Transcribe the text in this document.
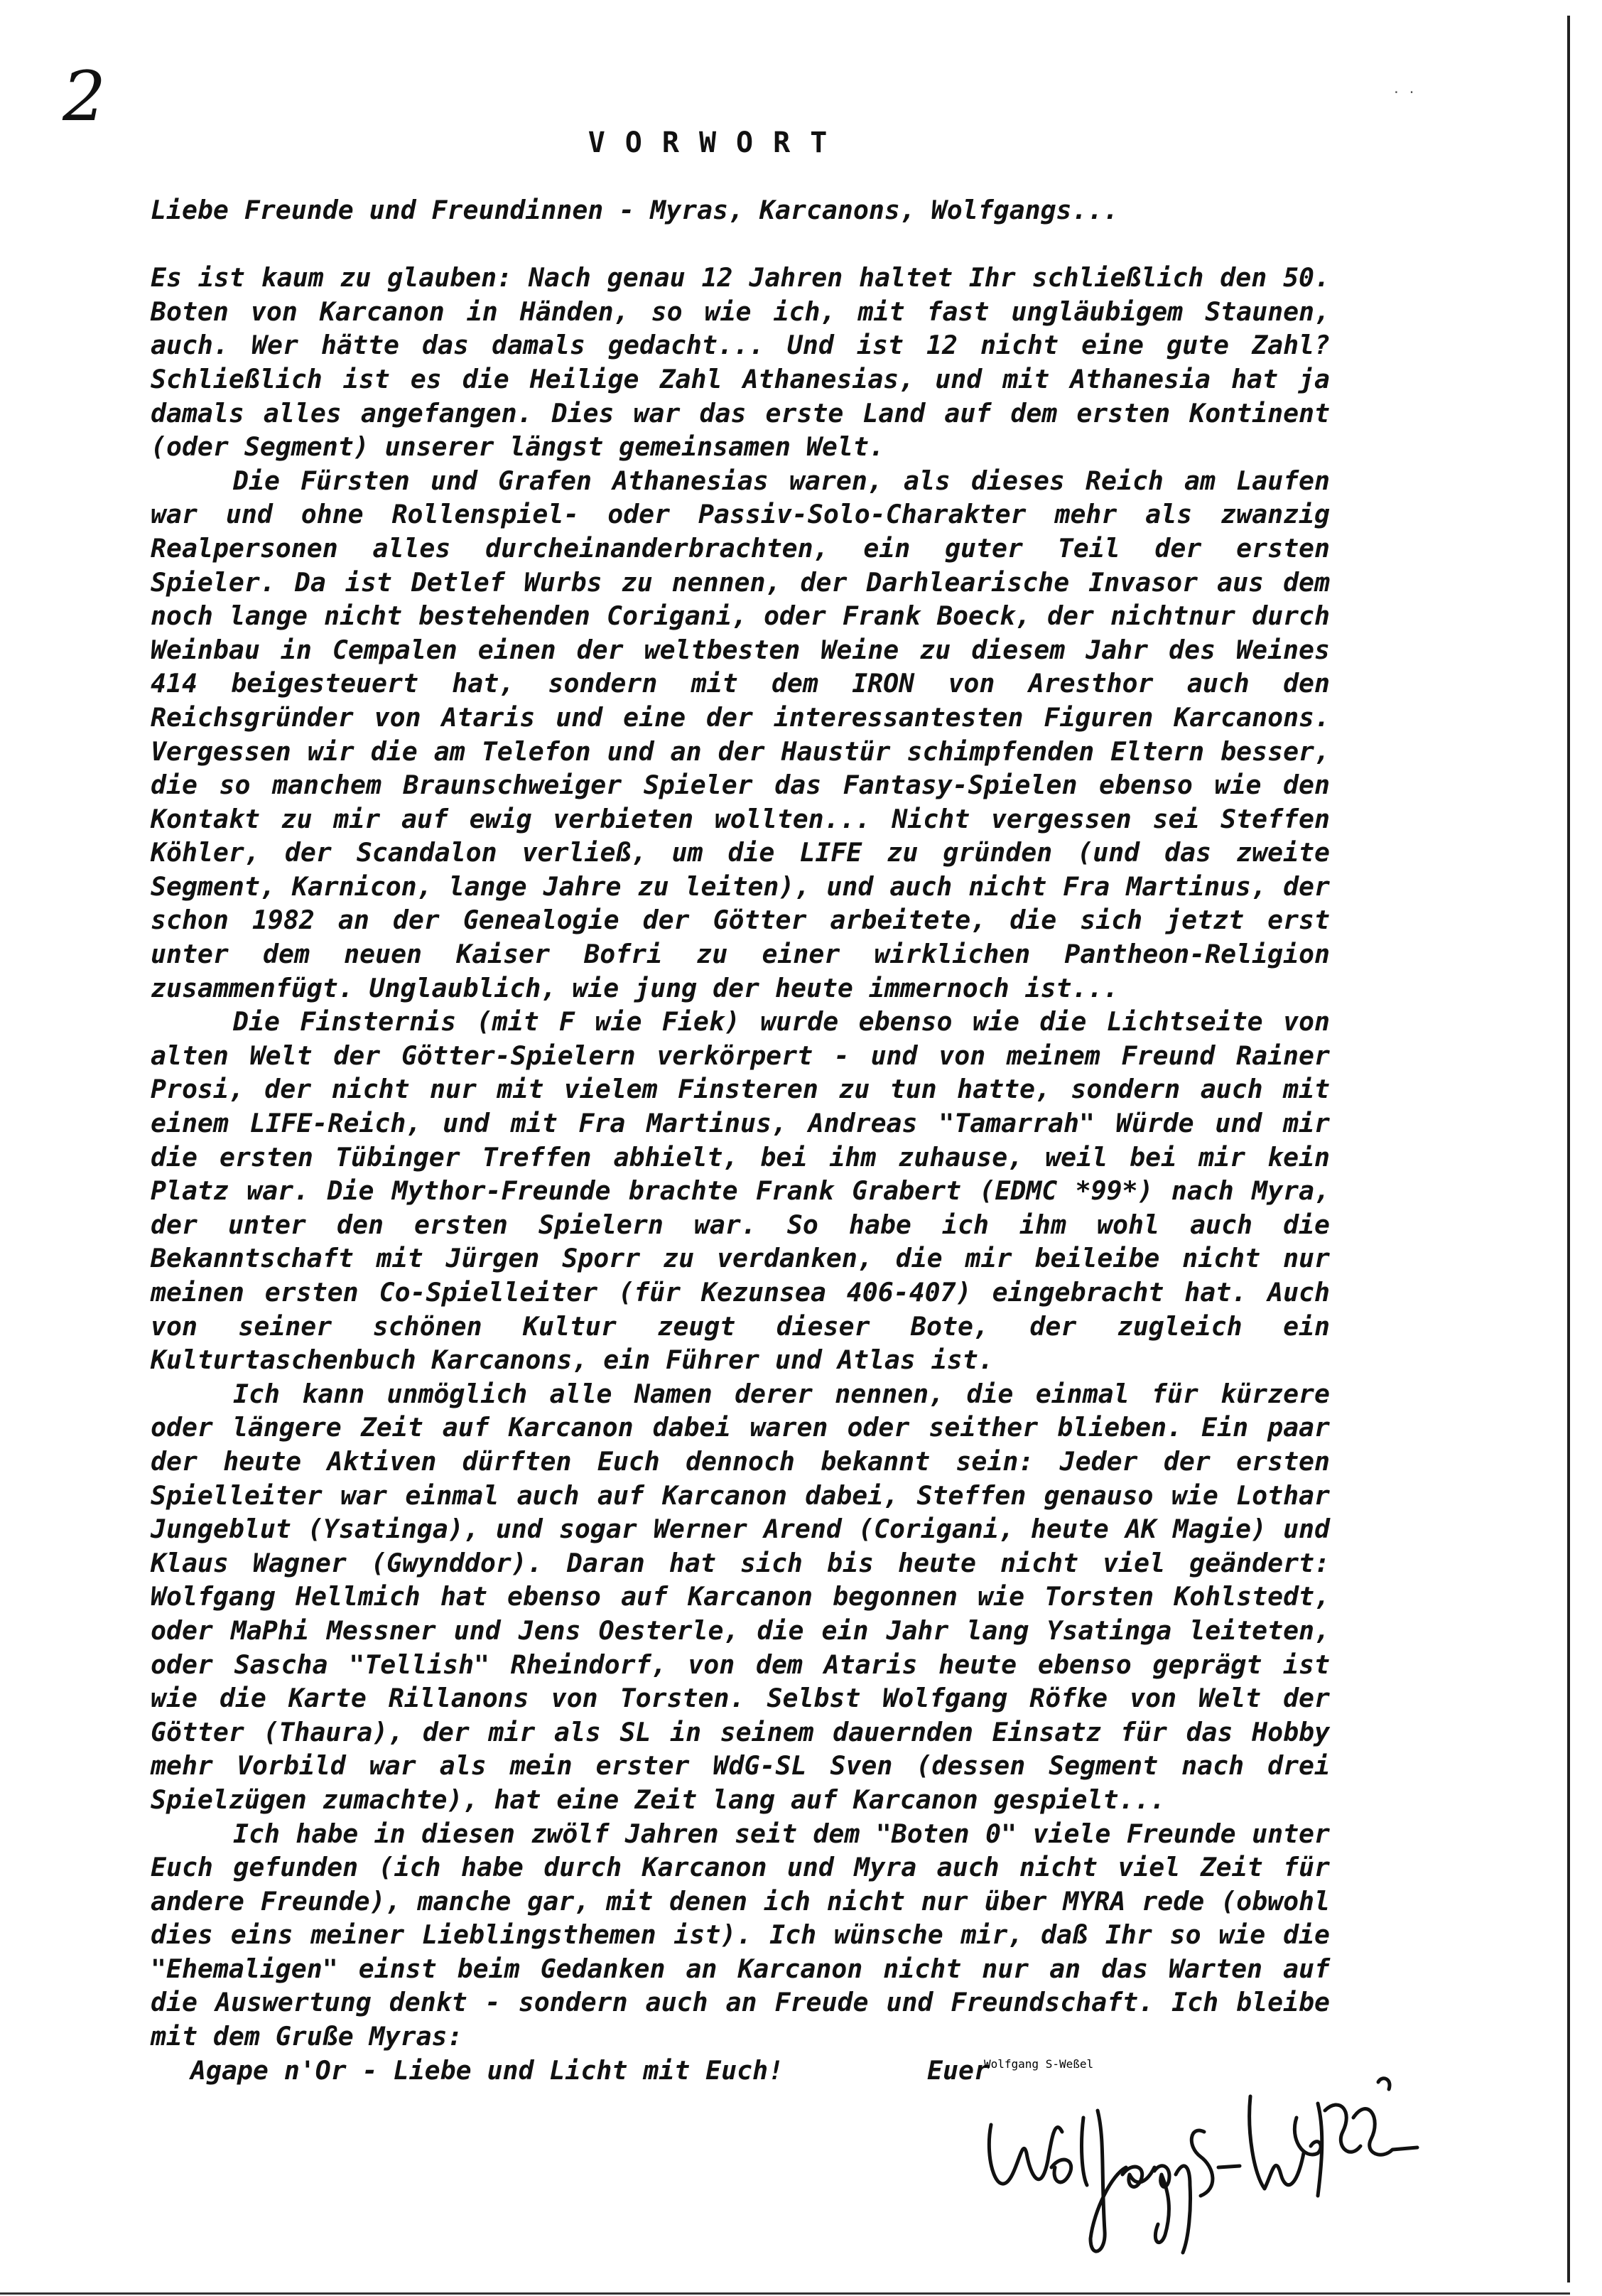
2	· ·
VORWORT

Liebe Freunde und Freundinnen - Myras, Karcanons, Wolfgangs...

Es ist kaum zu glauben: Nach genau 12 Jahren haltet Ihr schließlich den 50. Boten von Karcanon in Händen, so wie ich, mit fast ungläubigem Staunen, auch. Wer hätte das damals gedacht... Und ist 12 nicht eine gute Zahl? Schließlich ist es die Heilige Zahl Athanesias, und mit Athanesia hat ja damals alles angefangen. Dies war das erste Land auf dem ersten Kontinent (oder Segment) unserer längst gemeinsamen Welt.

Die Fürsten und Grafen Athanesias waren, als dieses Reich am Laufen war und ohne Rollenspiel- oder Passiv-Solo-Charakter mehr als zwanzig Realpersonen alles durcheinanderbrachten, ein guter Teil der ersten Spieler. Da ist Detlef Wurbs zu nennen, der Darhlearische Invasor aus dem noch lange nicht bestehenden Corigani, oder Frank Boeck, der nichtnur durch Weinbau in Cempalen einen der weltbesten Weine zu diesem Jahr des Weines 414 beigesteuert hat, sondern mit dem IRON von Aresthor auch den Reichsgründer von Ataris und eine der interessantesten Figuren Karcanons. Vergessen wir die am Telefon und an der Haustür schimpfenden Eltern besser, die so manchem Braunschweiger Spieler das Fantasy-Spielen ebenso wie den Kontakt zu mir auf ewig verbieten wollten... Nicht vergessen sei Steffen Köhler, der Scandalon verließ, um die LIFE zu gründen (und das zweite Segment, Karnicon, lange Jahre zu leiten), und auch nicht Fra Martinus, der schon 1982 an der Genealogie der Götter arbeitete, die sich jetzt erst unter dem neuen Kaiser Bofri zu einer wirklichen Pantheon-Religion zusammenfügt. Unglaublich, wie jung der heute immernoch ist...

Die Finsternis (mit F wie Fiek) wurde ebenso wie die Lichtseite von alten Welt der Götter-Spielern verkörpert - und von meinem Freund Rainer Prosi, der nicht nur mit vielem Finsteren zu tun hatte, sondern auch mit einem LIFE-Reich, und mit Fra Martinus, Andreas "Tamarrah" Würde und mir die ersten Tübinger Treffen abhielt, bei ihm zuhause, weil bei mir kein Platz war. Die Mythor-Freunde brachte Frank Grabert (EDMC *99*) nach Myra, der unter den ersten Spielern war. So habe ich ihm wohl auch die Bekanntschaft mit Jürgen Sporr zu verdanken, die mir beileibe nicht nur meinen ersten Co-Spielleiter (für Kezunsea 406-407) eingebracht hat. Auch von seiner schönen Kultur zeugt dieser Bote, der zugleich ein Kulturtaschenbuch Karcanons, ein Führer und Atlas ist.

Ich kann unmöglich alle Namen derer nennen, die einmal für kürzere oder längere Zeit auf Karcanon dabei waren oder seither blieben. Ein paar der heute Aktiven dürften Euch dennoch bekannt sein: Jeder der ersten Spielleiter war einmal auch auf Karcanon dabei, Steffen genauso wie Lothar Jungeblut (Ysatinga), und sogar Werner Arend (Corigani, heute AK Magie) und Klaus Wagner (Gwynddor). Daran hat sich bis heute nicht viel geändert: Wolfgang Hellmich hat ebenso auf Karcanon begonnen wie Torsten Kohlstedt, oder MaPhi Messner und Jens Oesterle, die ein Jahr lang Ysatinga leiteten, oder Sascha "Tellish" Rheindorf, von dem Ataris heute ebenso geprägt ist wie die Karte Rillanons von Torsten. Selbst Wolfgang Röfke von Welt der Götter (Thaura), der mir als SL in seinem dauernden Einsatz für das Hobby mehr Vorbild war als mein erster WdG-SL Sven (dessen Segment nach drei Spielzügen zumachte), hat eine Zeit lang auf Karcanon gespielt...

Ich habe in diesen zwölf Jahren seit dem "Boten 0" viele Freunde unter Euch gefunden (ich habe durch Karcanon und Myra auch nicht viel Zeit für andere Freunde), manche gar, mit denen ich nicht nur über MYRA rede (obwohl dies eins meiner Lieblingsthemen ist). Ich wünsche mir, daß Ihr so wie die "Ehemaligen" einst beim Gedanken an Karcanon nicht nur an das Warten auf die Auswertung denkt - sondern auch an Freude und Freundschaft. Ich bleibe mit dem Gruße Myras:

Agape n'Or - Liebe und Licht mit Euch!	Euer

Wolfgang S-Weßel
